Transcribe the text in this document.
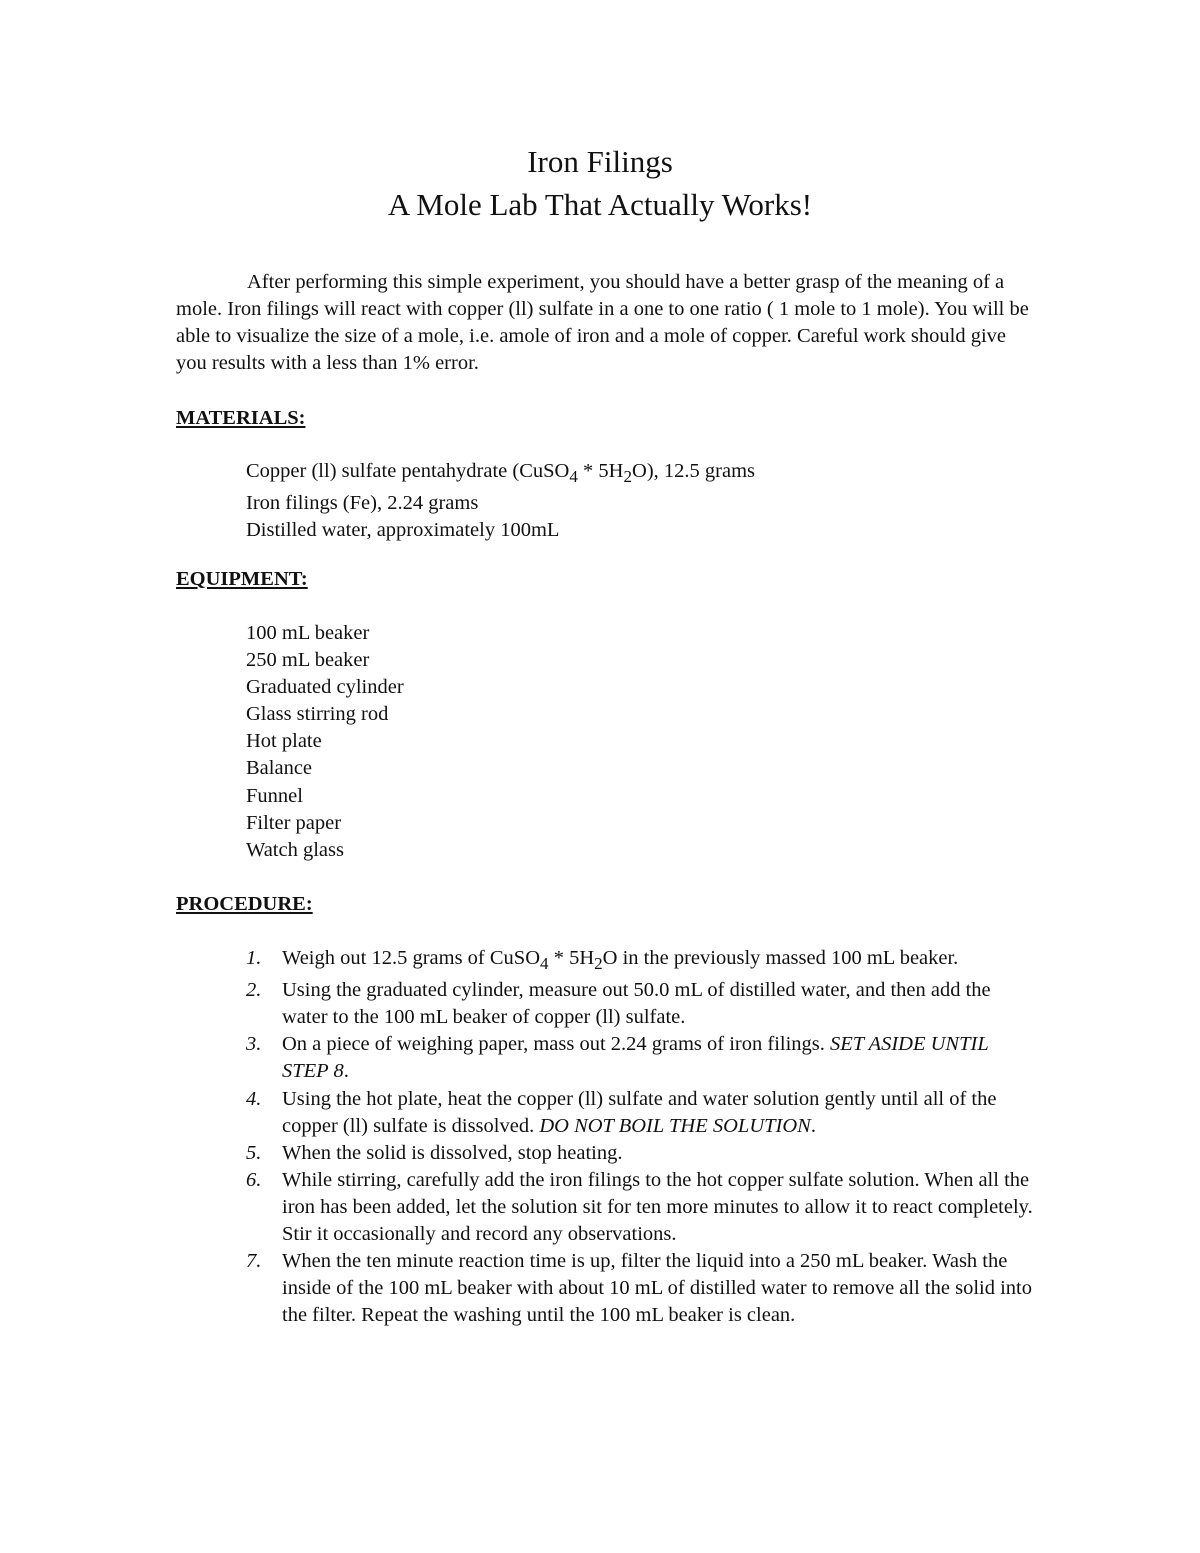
Iron Filings
A Mole Lab That Actually Works!

After performing this simple experiment, you should have a better grasp of the meaning of a mole. Iron filings will react with copper (ll) sulfate in a one to one ratio ( 1 mole to 1 mole). You will be able to visualize the size of a mole, i.e. amole of iron and a mole of copper. Careful work should give you results with a less than 1% error.

MATERIALS:

Copper (ll) sulfate pentahydrate (CuSO$_4$ * $5H_2O$), 12.5 grams
Iron filings (Fe), 2.24 grams
Distilled water, approximately 100mL

EQUIPMENT:

100 mL beaker
250 mL beaker
Graduated cylinder
Glass stirring rod
Hot plate
Balance
Funnel
Filter paper
Watch glass

PROCEDURE:

1. Weigh out 12.5 grams of CuSO$_4$ * $5H_2O$ in the previously massed 100 mL beaker.
2. Using the graduated cylinder, measure out 50.0 mL of distilled water, and then add the water to the 100 mL beaker of copper (ll) sulfate.
3. On a piece of weighing paper, mass out 2.24 grams of iron filings. SET ASIDE UNTIL STEP 8.
4. Using the hot plate, heat the copper (ll) sulfate and water solution gently until all of the copper (ll) sulfate is dissolved. DO NOT BOIL THE SOLUTION.
5. When the solid is dissolved, stop heating.
6. While stirring, carefully add the iron filings to the hot copper sulfate solution. When all the iron has been added, let the solution sit for ten more minutes to allow it to react completely. Stir it occasionally and record any observations.
7. When the ten minute reaction time is up, filter the liquid into a 250 mL beaker. Wash the inside of the 100 mL beaker with about 10 mL of distilled water to remove all the solid into the filter. Repeat the washing until the 100 mL beaker is clean.
